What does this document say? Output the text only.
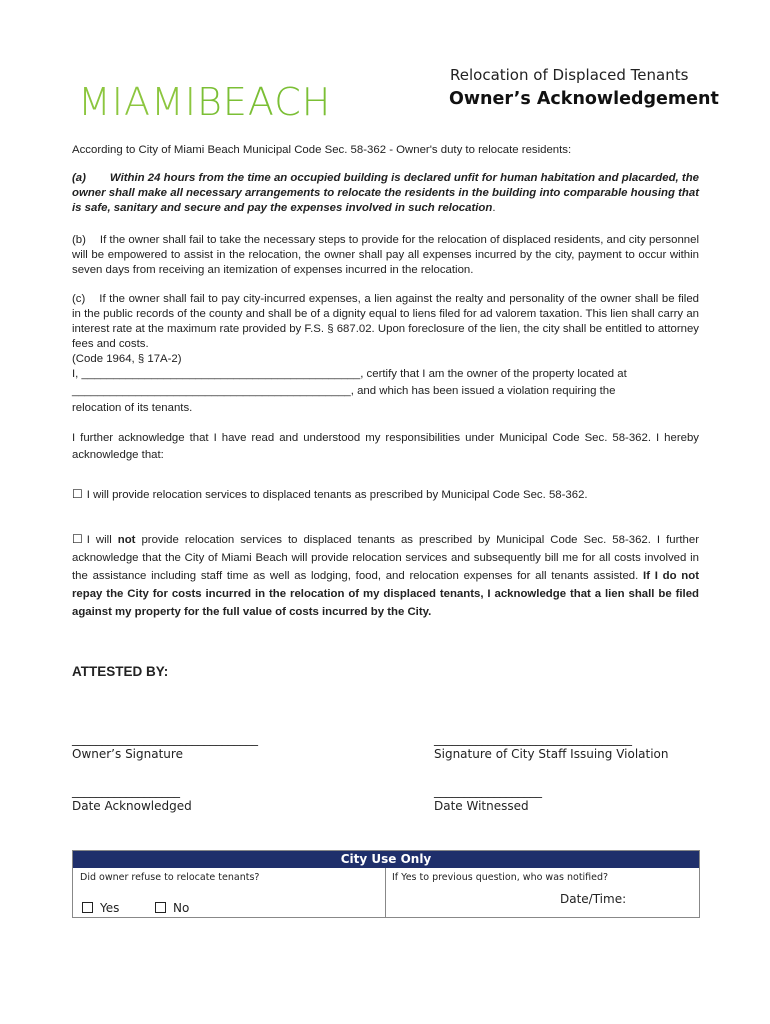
MIAMIBEACH
Relocation of Displaced Tenants
Owner’s Acknowledgement
According to City of Miami Beach Municipal Code Sec. 58-362 - Owner's duty to relocate residents:
(a) Within 24 hours from the time an occupied building is declared unfit for human habitation and placarded, the owner shall make all necessary arrangements to relocate the residents in the building into comparable housing that is safe, sanitary and secure and pay the expenses involved in such relocation.
(b) If the owner shall fail to take the necessary steps to provide for the relocation of displaced residents, and city personnel will be empowered to assist in the relocation, the owner shall pay all expenses incurred by the city, payment to occur within seven days from receiving an itemization of expenses incurred in the relocation.
(c) If the owner shall fail to pay city-incurred expenses, a lien against the realty and personality of the owner shall be filed in the public records of the county and shall be of a dignity equal to liens filed for ad valorem taxation. This lien shall carry an interest rate at the maximum rate provided by F.S. § 687.02. Upon foreclosure of the lien, the city shall be entitled to attorney fees and costs.
(Code 1964, § 17A-2)
I, ____________________________________________, certify that I am the owner of the property located at
____________________________________________, and which has been issued a violation requiring the
relocation of its tenants.
I further acknowledge that I have read and understood my responsibilities under Municipal Code Sec. 58-362. I hereby acknowledge that:
☐ I will provide relocation services to displaced tenants as prescribed by Municipal Code Sec. 58-362.
☐ I will not provide relocation services to displaced tenants as prescribed by Municipal Code Sec. 58-362. I further acknowledge that the City of Miami Beach will provide relocation services and subsequently bill me for all costs involved in the assistance including staff time as well as lodging, food, and relocation expenses for all tenants assisted. If I do not repay the City for costs incurred in the relocation of my displaced tenants, I acknowledge that a lien shall be filed against my property for the full value of costs incurred by the City.
ATTESTED BY:
_______________________________
Owner’s Signature
_________________________________
Signature of City Staff Issuing Violation
__________________
Date Acknowledged
__________________
Date Witnessed
City Use Only
Did owner refuse to relocate tenants?	If Yes to previous question, who was notified?
Yes	No
Date/Time:
